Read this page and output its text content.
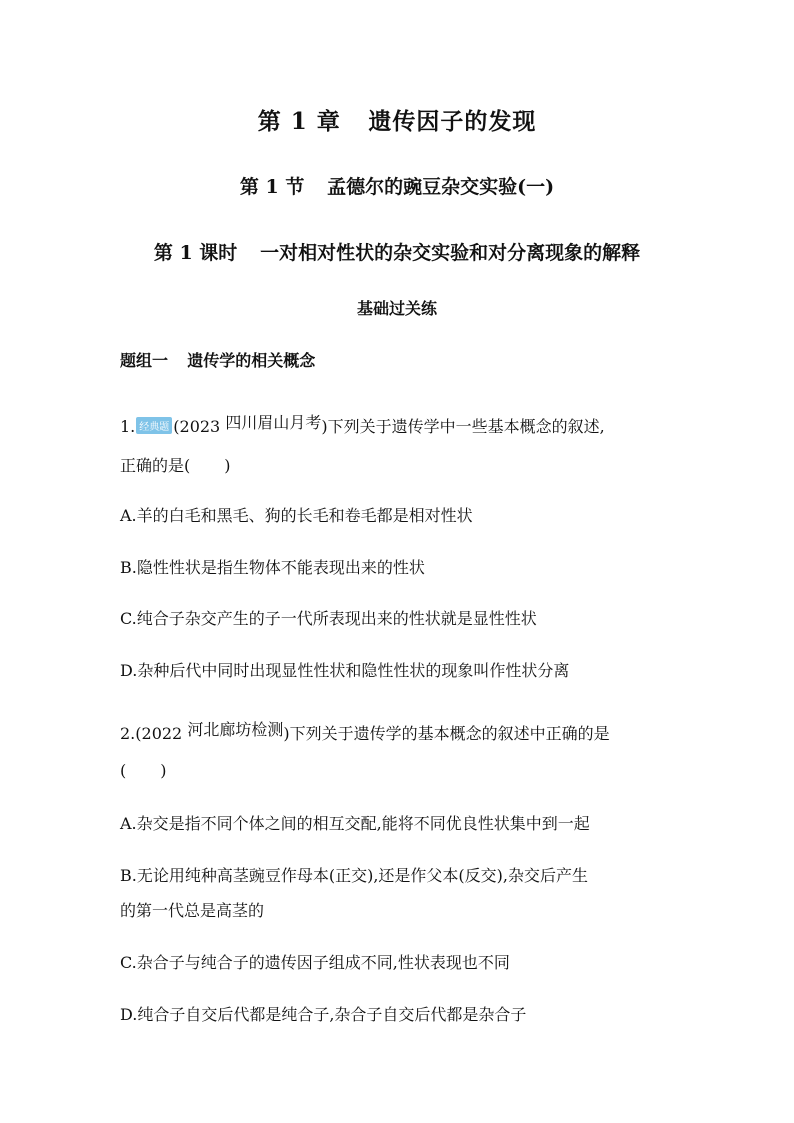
第 1 章 遗传因子的发现
第 1 节 孟德尔的豌豆杂交实验(一)
第 1 课时 一对相对性状的杂交实验和对分离现象的解释
基础过关练
题组一 遗传学的相关概念
1. 经典题 (2023 四川眉山月考)下列关于遗传学中一些基本概念的叙述,
正确的是( )
A.羊的白毛和黑毛、狗的长毛和卷毛都是相对性状
B.隐性性状是指生物体不能表现出来的性状
C.纯合子杂交产生的子一代所表现出来的性状就是显性性状
D.杂种后代中同时出现显性性状和隐性性状的现象叫作性状分离
2.(2022 河北廊坊检测)下列关于遗传学的基本概念的叙述中正确的是
( )
A.杂交是指不同个体之间的相互交配,能将不同优良性状集中到一起
B.无论用纯种高茎豌豆作母本(正交),还是作父本(反交),杂交后产生
的第一代总是高茎的
C.杂合子与纯合子的遗传因子组成不同,性状表现也不同
D.纯合子自交后代都是纯合子,杂合子自交后代都是杂合子
